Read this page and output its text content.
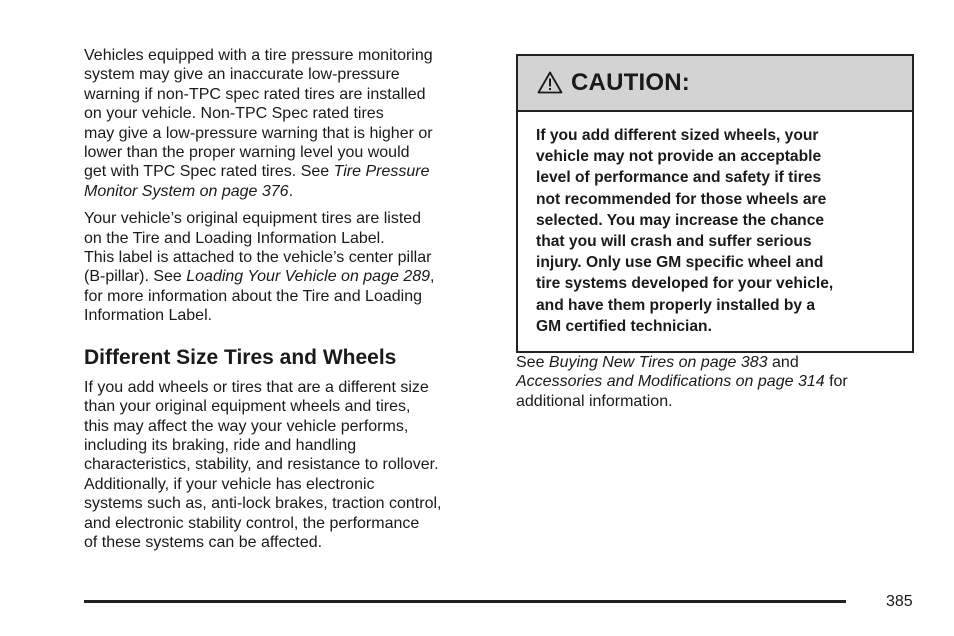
Vehicles equipped with a tire pressure monitoring
system may give an inaccurate low-pressure
warning if non-TPC spec rated tires are installed
on your vehicle. Non-TPC Spec rated tires
may give a low-pressure warning that is higher or
lower than the proper warning level you would
get with TPC Spec rated tires. See Tire Pressure
Monitor System on page 376.

Your vehicle’s original equipment tires are listed
on the Tire and Loading Information Label.
This label is attached to the vehicle’s center pillar
(B-pillar). See Loading Your Vehicle on page 289,
for more information about the Tire and Loading
Information Label.

Different Size Tires and Wheels

If you add wheels or tires that are a different size
than your original equipment wheels and tires,
this may affect the way your vehicle performs,
including its braking, ride and handling
characteristics, stability, and resistance to rollover.
Additionally, if your vehicle has electronic
systems such as, anti-lock brakes, traction control,
and electronic stability control, the performance
of these systems can be affected.

CAUTION:
If you add different sized wheels, your
vehicle may not provide an acceptable
level of performance and safety if tires
not recommended for those wheels are
selected. You may increase the chance
that you will crash and suffer serious
injury. Only use GM specific wheel and
tire systems developed for your vehicle,
and have them properly installed by a
GM certified technician.

See Buying New Tires on page 383 and
Accessories and Modifications on page 314 for
additional information.

385
